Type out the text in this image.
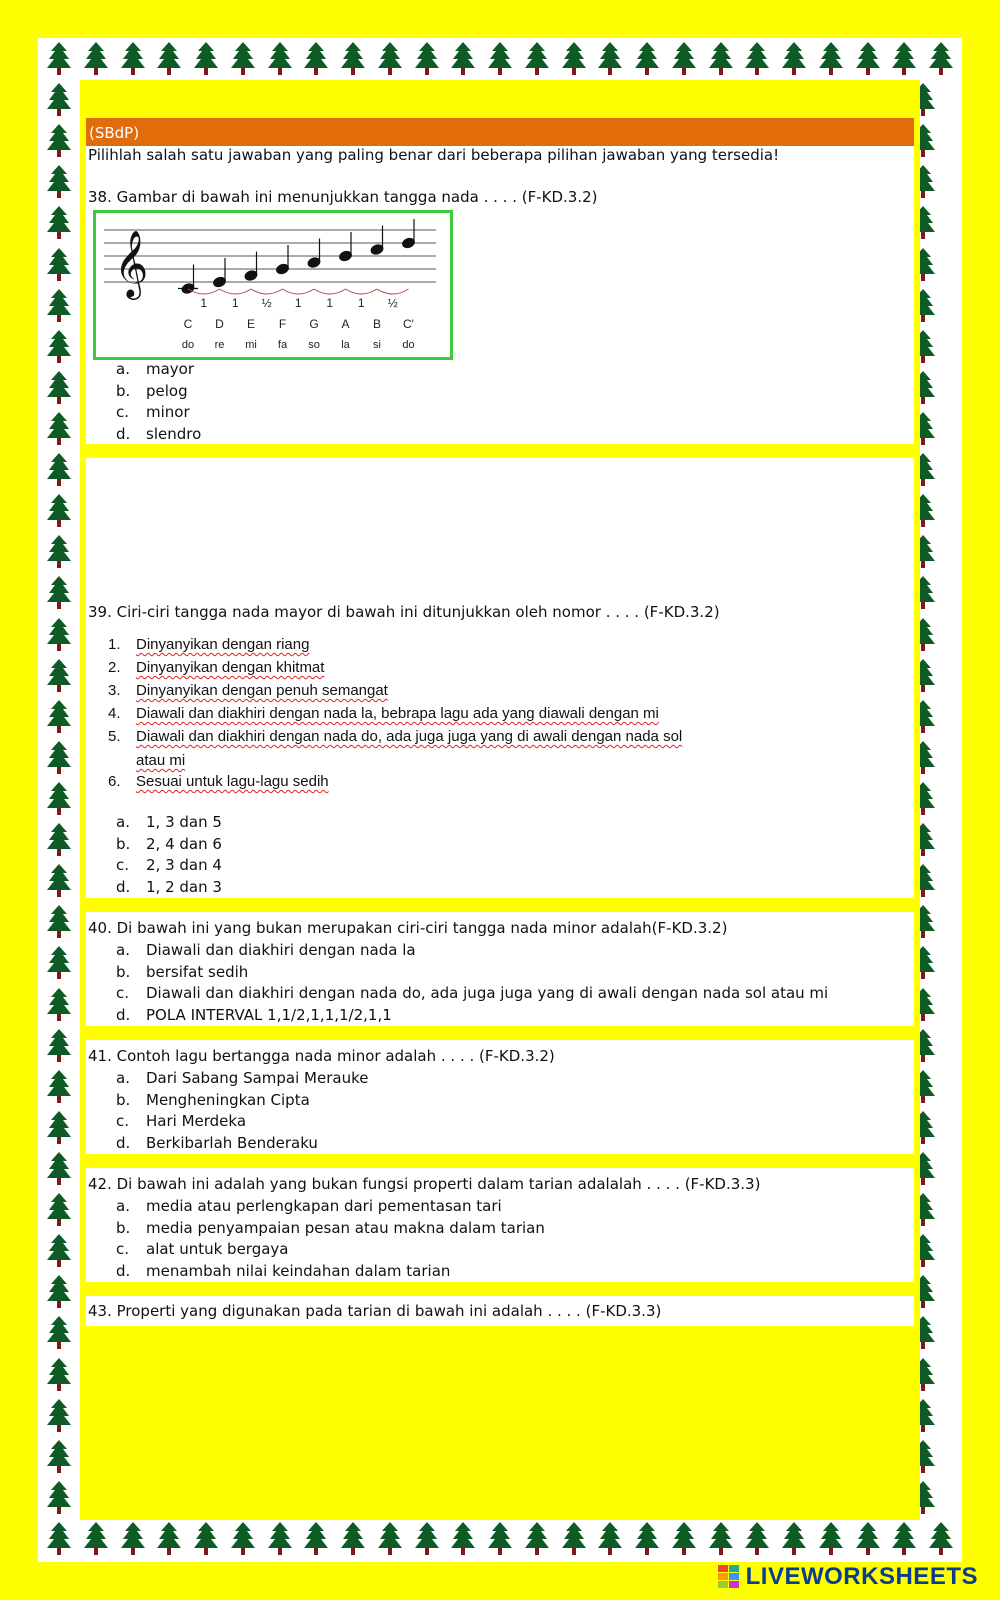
(SBdP)
Pilihlah salah satu jawaban yang paling benar dari beberapa pilihan jawaban yang tersedia!
38. Gambar di bawah ini menunjukkan tangga nada . . . . (F-KD.3.2)
𝄞
1	1	½	1	1	1	½
C	D	E	F	G	A	B	C'
do	re	mi	fa	so	la	si	do
a. mayor
b. pelog
c. minor
d. slendro
39. Ciri-ciri tangga nada mayor di bawah ini ditunjukkan oleh nomor . . . . (F-KD.3.2)
1. Dinyanyikan dengan riang
2. Dinyanyikan dengan khitmat
3. Dinyanyikan dengan penuh semangat
4. Diawali dan diakhiri dengan nada la, bebrapa lagu ada yang diawali dengan mi
5. Diawali dan diakhiri dengan nada do, ada juga juga yang di awali dengan nada sol
atau mi
6. Sesuai untuk lagu-lagu sedih
a. 1, 3 dan 5
b. 2, 4 dan 6
c. 2, 3 dan 4
d. 1, 2 dan 3
40. Di bawah ini yang bukan merupakan ciri-ciri tangga nada minor adalah(F-KD.3.2)
a. Diawali dan diakhiri dengan nada la
b. bersifat sedih
c. Diawali dan diakhiri dengan nada do, ada juga juga yang di awali dengan nada sol atau mi
d. POLA INTERVAL 1,1/2,1,1,1/2,1,1
41. Contoh lagu bertangga nada minor adalah . . . . (F-KD.3.2)
a. Dari Sabang Sampai Merauke
b. Mengheningkan Cipta
c. Hari Merdeka
d. Berkibarlah Benderaku
42. Di bawah ini adalah yang bukan fungsi properti dalam tarian adalalah . . . . (F-KD.3.3)
a. media atau perlengkapan dari pementasan tari
b. media penyampaian pesan atau makna dalam tarian
c. alat untuk bergaya
d. menambah nilai keindahan dalam tarian
43. Properti yang digunakan pada tarian di bawah ini adalah . . . . (F-KD.3.3)
LIVEWORKSHEETS
